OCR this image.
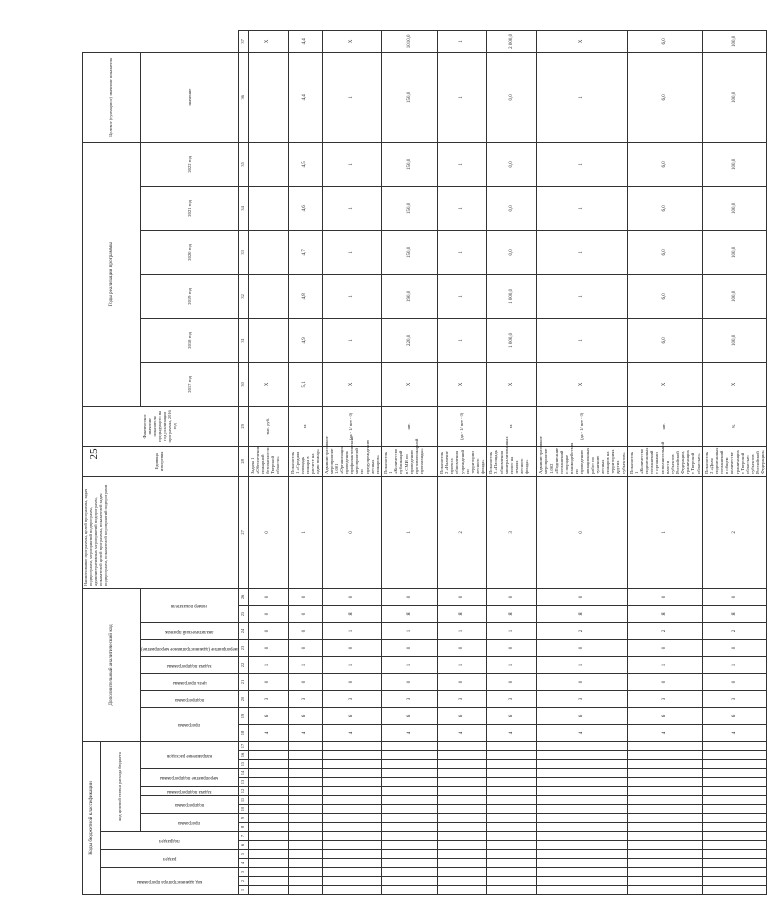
25
Коды бюджетной классификации																	Дополнительный аналитический код									Наименование программы, целей программы, задач подпрограмм, мероприятий подпрограмм, административных мероприятий подпрограмм, показателей целей программы, показателей задач подпрограмм, показателей мероприятий подпрограмм	Единица измерения	Фактическое значение показателя предыдущего на год реализации программы, 2016 год	Годы реализации программы						Целевое (суммарное) значение показателя	

код администратора программы			раздел		подраздел		код целевой статьи расхода бюджета																													

							программа		подпрограмма		задача подпрограммы	мероприятие подпрограммы		направление расходов			программа		подпрограмма	цель программы	задача подпрограммы	мероприятие (административное мероприятие)	аналитический признак	номер показателя					2017 год	2018 год	2019 год	2020 год	2021 год	2022 год	значение	
1	2	3	4	5	6	7	8	9	10	11	12	13	14	15	16	17	18	19	20	21	22	23	24	25	26	27	28	29	30	31	32	33	34	35	36	37
																	4	6	3	0	1	0	0	0	0	0	Задача 1 «Обеспечение пожарной безопасности Тверской области»	тыс. руб.	X							X
																	4	6	3	0	1	0	0	0	0	1	Показатель 1 «Средняя площадь пожара в расчете на один пожар»	га	5,1	4,9	4,8	4,7	4,6	4,5	4,4	4,4
																	4	6	3	0	1	0	1	Я	0	0	Административное мероприятие 1.001 «Организация проведения профилактических мероприятий по предупреждению лесных пожаров»	(да - 1/ нет - 0)	X	1	1	1	1	1	1	X
																	4	6	3	0	1	0	1	Я	0	1	Показатель 1 «Количество публикаций в СМИ по проведению противопожарной пропаганды»	шт.	X	220,0	190,0	150,0	150,0	150,0	150,0	1010,0
																	4	6	3	0	1	0	1	Я	0	2	Показатель 2 «Наличие проекта обновления учреждений по территории лесного фонда»	(да - 1/ нет - 0)	X	1	1	1	1	1	1	1
																	4	6	3	0	1	0	1	Я	0	3	Показатель 3 «Площадь обновления минерализованных полос на землях лесного фонда»	га	X	1 000,0	1 000,0	0,0	0,0	0,0	0,0	2 000,0
																	4	6	3	0	1	0	2	Я	0	0	Административное мероприятие 1.002 «Подписание соглашений о порядке взаимодействия по проведению авиационных работ по тушению лесных пожаров на территориях других субъектов»	(да - 1/ нет - 0)	X	1	1	1	1	1	1	X
																	4	6	3	0	1	0	2	Я	0	1	Показатель 1 «Количество подписанных соглашений с органами исполнительной власти субъектов Российской Федерации, граничащих с Тверской областью»	шт.	X	6,0	6,0	6,0	6,0	6,0	6,0	6,0
																	4	6	3	0	1	0	2	Я	0	2	Показатель 2 «Доля подписанных соглашений в общем количестве граничащих с Тверской областью субъектов Российской Федерации»	%	X	100,0	100,0	100,0	100,0	100,0	100,0	100,0
